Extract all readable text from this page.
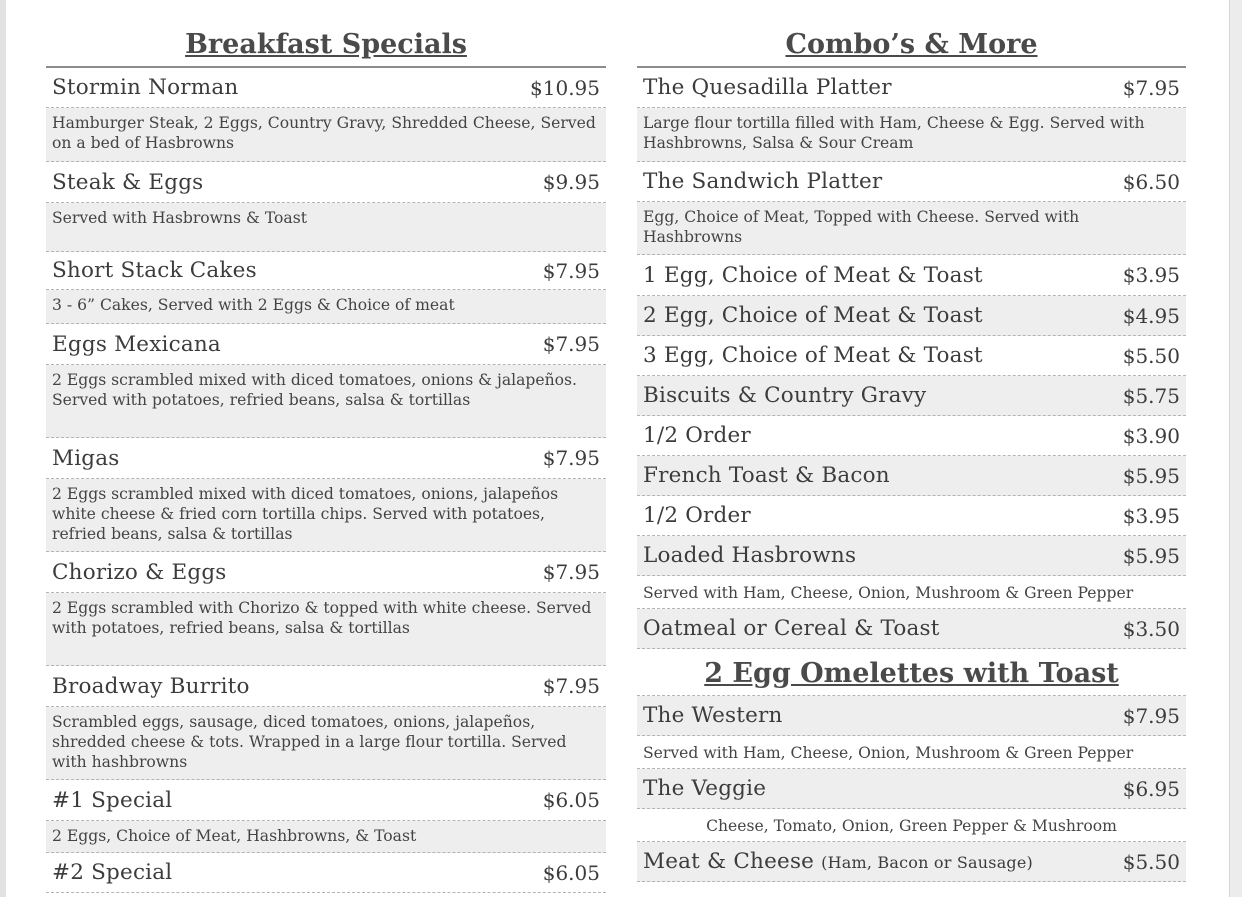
Breakfast Specials
Stormin Norman	$10.95
Hamburger Steak, 2 Eggs, Country Gravy, Shredded Cheese, Served on a bed of Hasbrowns
Steak & Eggs	$9.95
Served with Hasbrowns & Toast
Short Stack Cakes	$7.95
3 - 6” Cakes, Served with 2 Eggs & Choice of meat
Eggs Mexicana	$7.95
2 Eggs scrambled mixed with diced tomatoes, onions & jalapeños. Served with potatoes, refried beans, salsa & tortillas
Migas	$7.95
2 Eggs scrambled mixed with diced tomatoes, onions, jalapeños white cheese & fried corn tortilla chips. Served with potatoes, refried beans, salsa & tortillas
Chorizo & Eggs	$7.95
2 Eggs scrambled with Chorizo & topped with white cheese. Served with potatoes, refried beans, salsa & tortillas
Broadway Burrito	$7.95
Scrambled eggs, sausage, diced tomatoes, onions, jalapeños, shredded cheese & tots. Wrapped in a large flour tortilla. Served with hashbrowns
#1 Special	$6.05
2 Eggs, Choice of Meat, Hashbrowns, & Toast
#2 Special	$6.05
Combo’s & More
The Quesadilla Platter	$7.95
Large flour tortilla filled with Ham, Cheese & Egg. Served with Hashbrowns, Salsa & Sour Cream
The Sandwich Platter	$6.50
Egg, Choice of Meat, Topped with Cheese. Served with Hashbrowns
1 Egg, Choice of Meat & Toast	$3.95
2 Egg, Choice of Meat & Toast	$4.95
3 Egg, Choice of Meat & Toast	$5.50
Biscuits & Country Gravy	$5.75
1/2 Order	$3.90
French Toast & Bacon	$5.95
1/2 Order	$3.95
Loaded Hasbrowns	$5.95
Served with Ham, Cheese, Onion, Mushroom & Green Pepper
Oatmeal or Cereal & Toast	$3.50
2 Egg Omelettes with Toast
The Western	$7.95
Served with Ham, Cheese, Onion, Mushroom & Green Pepper
The Veggie	$6.95
Cheese, Tomato, Onion, Green Pepper & Mushroom
Meat & Cheese (Ham, Bacon or Sausage)	$5.50
